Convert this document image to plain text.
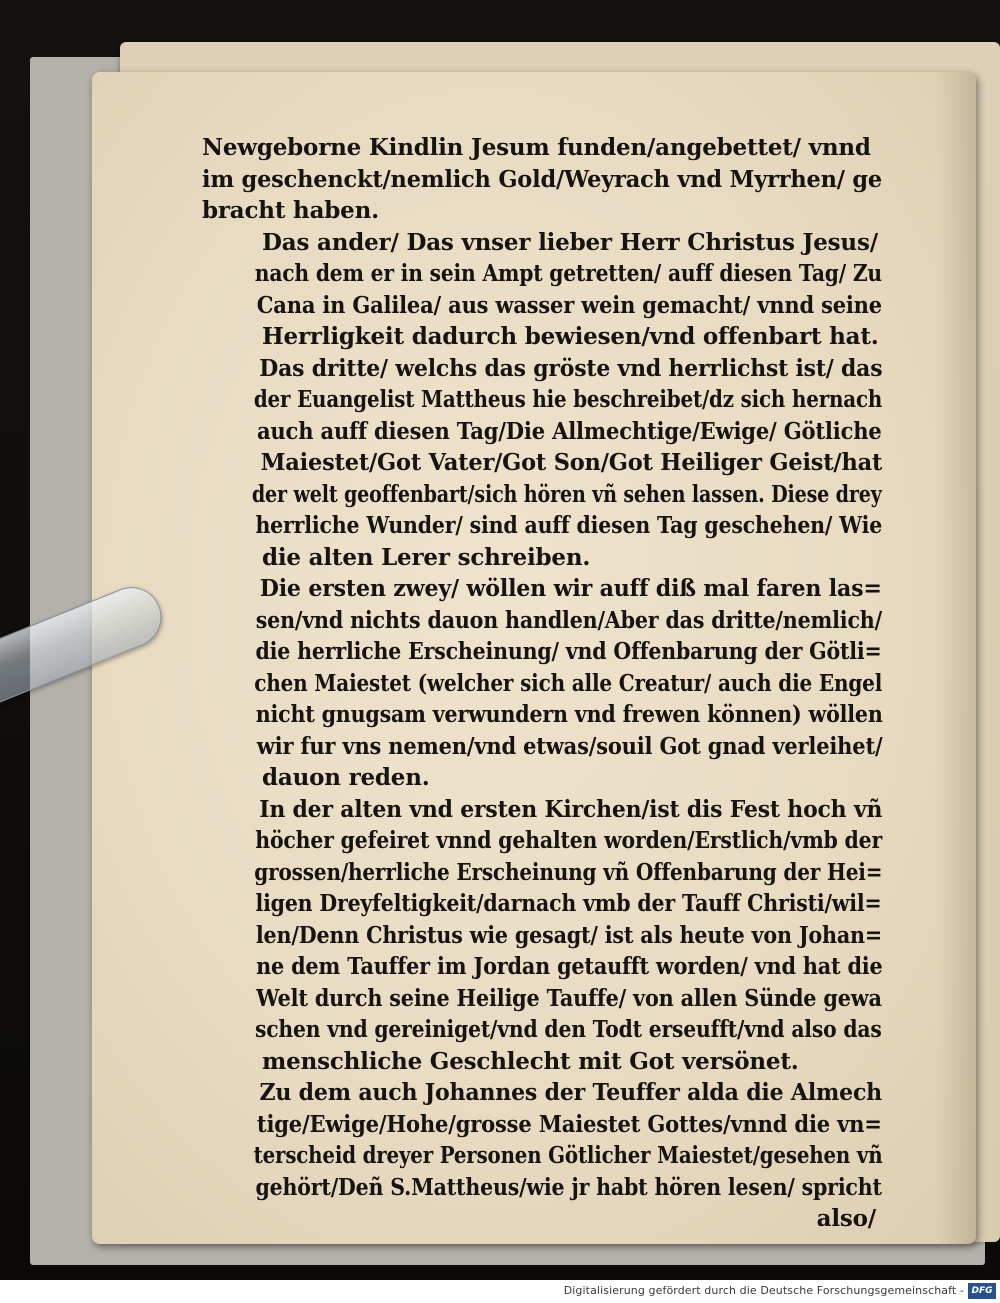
Newgeborne Kindlin Jesum funden/angebettet/ vnnd
im geschenckt/nemlich Gold/Weyrach vnd Myrrhen/ ge
bracht haben.
Das ander/ Das vnser lieber Herr Christus Jesus/
nach dem er in sein Ampt getretten/ auff diesen Tag/ Zu
Cana in Galilea/ aus wasser wein gemacht/ vnnd seine
Herrligkeit dadurch bewiesen/vnd offenbart hat.
Das dritte/ welchs das gröste vnd herrlichst ist/ das
der Euangelist Mattheus hie beschreibet/dz sich hernach
auch auff diesen Tag/Die Allmechtige/Ewige/ Götliche
Maiestet/Got Vater/Got Son/Got Heiliger Geist/hat
der welt geoffenbart/sich hören vñ sehen lassen. Diese drey
herrliche Wunder/ sind auff diesen Tag geschehen/ Wie
die alten Lerer schreiben.
Die ersten zwey/ wöllen wir auff diß mal faren las=
sen/vnd nichts dauon handlen/Aber das dritte/nemlich/
die herrliche Erscheinung/ vnd Offenbarung der Götli=
chen Maiestet (welcher sich alle Creatur/ auch die Engel
nicht gnugsam verwundern vnd frewen können) wöllen
wir fur vns nemen/vnd etwas/souil Got gnad verleihet/
dauon reden.
In der alten vnd ersten Kirchen/ist dis Fest hoch vñ
höcher gefeiret vnnd gehalten worden/Erstlich/vmb der
grossen/herrliche Erscheinung vñ Offenbarung der Hei=
ligen Dreyfeltigkeit/darnach vmb der Tauff Christi/wil=
len/Denn Christus wie gesagt/ ist als heute von Johan=
ne dem Tauffer im Jordan getaufft worden/ vnd hat die
Welt durch seine Heilige Tauffe/ von allen Sünde gewa
schen vnd gereiniget/vnd den Todt erseufft/vnd also das
menschliche Geschlecht mit Got versönet.
Zu dem auch Johannes der Teuffer alda die Almech
tige/Ewige/Hohe/grosse Maiestet Gottes/vnnd die vn=
terscheid dreyer Personen Götlicher Maiestet/gesehen vñ
gehört/Deñ S.Mattheus/wie jr habt hören lesen/ spricht
also/
Digitalisierung gefördert durch die Deutsche Forschungsgemeinschaft - DFG
